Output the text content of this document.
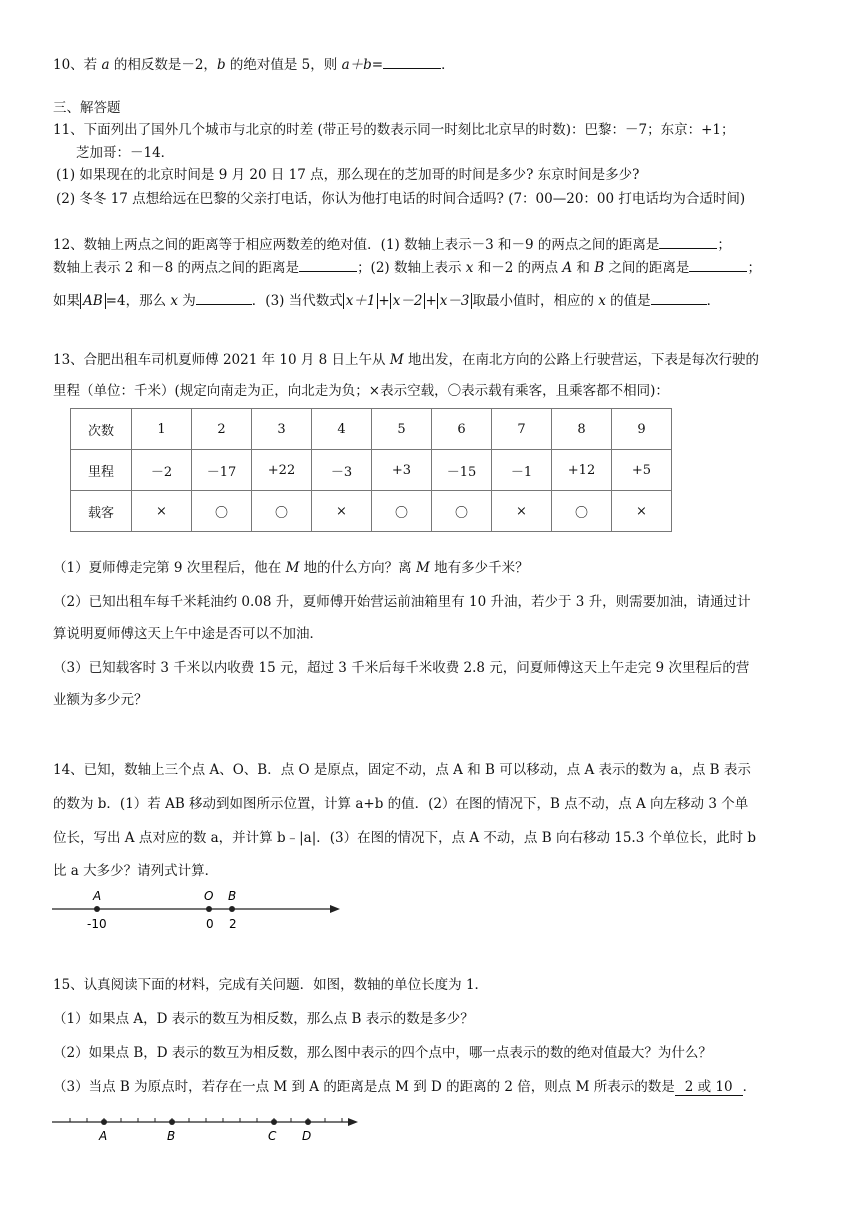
10、若 a 的相反数是－2，b 的绝对值是 5，则 a＋b=	．
三、解答题
11、下面列出了国外几个城市与北京的时差 (带正号的数表示同一时刻比北京早的时数)：巴黎：－7；东京：+1；
芝加哥：－14．
(1) 如果现在的北京时间是 9 月 20 日 17 点，那么现在的芝加哥的时间是多少? 东京时间是多少?
(2) 冬冬 17 点想给远在巴黎的父亲打电话，你认为他打电话的时间合适吗? (7：00—20：00 打电话均为合适时间)
12、数轴上两点之间的距离等于相应两数差的绝对值．(1) 数轴上表示－3 和－9 的两点之间的距离是	；
数轴上表示 2 和－8 的两点之间的距离是	；(2) 数轴上表示 x 和－2 的两点 A 和 B 之间的距离是	；
如果 AB =4，那么 x 为	．(3) 当代数式 x＋1 + x－2 + x－3 取最小值时，相应的 x 的值是	．
13、合肥出租车司机夏师傅 2021 年 10 月 8 日上午从 M 地出发，在南北方向的公路上行驶营运，下表是每次行驶的
里程（单位：千米）(规定向南走为正，向北走为负；×表示空载，〇表示载有乘客，且乘客都不相同)：
次数	1	2	3	4	5	6	7	8	9
里程	－2	－17	+22	－3	+3	－15	－1	+12	+5
载客	×	〇	〇	×	〇	〇	×	〇	×
（1）夏师傅走完第 9 次里程后，他在 M 地的什么方向？离 M 地有多少千米？
（2）已知出租车每千米耗油约 0.08 升，夏师傅开始营运前油箱里有 10 升油，若少于 3 升，则需要加油，请通过计
算说明夏师傅这天上午中途是否可以不加油．
（3）已知载客时 3 千米以内收费 15 元，超过 3 千米后每千米收费 2.8 元，问夏师傅这天上午走完 9 次里程后的营
业额为多少元？
14、已知，数轴上三个点 A、O、B．点 O 是原点，固定不动，点 A 和 B 可以移动，点 A 表示的数为 a，点 B 表示
的数为 b．(1）若 AB 移动到如图所示位置，计算 a+b 的值．(2）在图的情况下，B 点不动，点 A 向左移动 3 个单
位长，写出 A 点对应的数 a，并计算 b﹣|a|．(3）在图的情况下，点 A 不动，点 B 向右移动 15.3 个单位长，此时 b
比 a 大多少？请列式计算．
A	O B
-10	0 2
15、认真阅读下面的材料，完成有关问题．如图，数轴的单位长度为 1．
（1）如果点 A，D 表示的数互为相反数，那么点 B 表示的数是多少？
（2）如果点 B，D 表示的数互为相反数，那么图中表示的四个点中，哪一点表示的数的绝对值最大？为什么？
（3）当点 B 为原点时，若存在一点 M 到 A 的距离是点 M 到 D 的距离的 2 倍，则点 M 所表示的数是 2 或 10 ．
A	B	C D
